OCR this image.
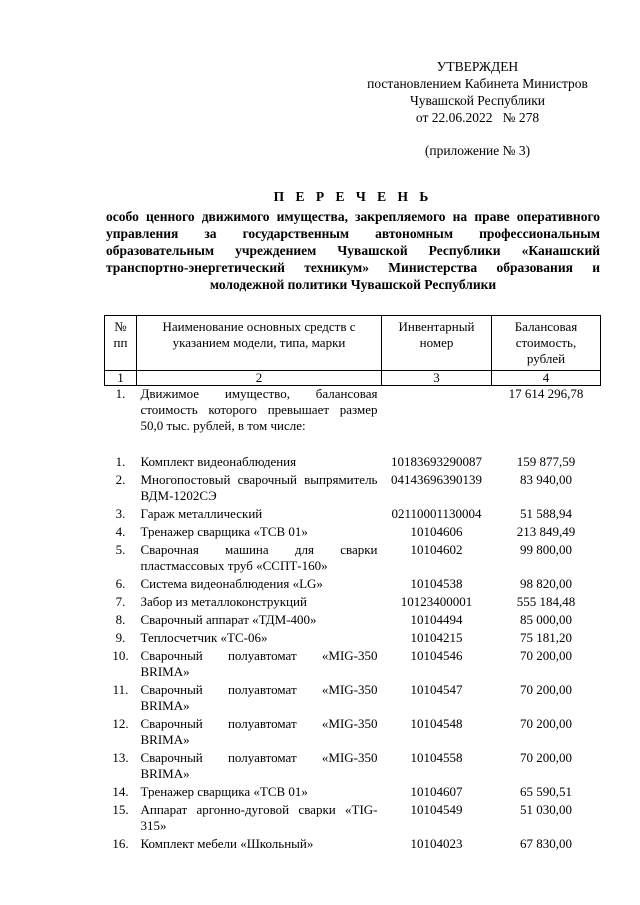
УТВЕРЖДЕН
постановлением Кабинета Министров
Чувашской Республики
от 22.06.2022   № 278
(приложение № 3)
П Е Р Е Ч Е Н Ь
особо ценного движимого имущества, закрепляемого на праве оперативного управления за государственным автономным профессиональным образовательным учреждением Чувашской Республики «Канашский транспортно-энергетический техникум» Министерства образования и молодежной политики Чувашской Республики
№ пп	Наименование основных средств с указанием модели, типа, марки	Инвентарный номер	Балансовая стоимость, рублей
1	2	3	4
1.	Движимое имущество, балансовая стоимость которого превышает размер 50,0 тыс. рублей, в том числе:		17 614 296,78

1.	Комплект видеонаблюдения	10183693290087	159 877,59
2.	Многопостовый сварочный выпрямитель ВДМ-1202СЭ	04143696390139	83 940,00
3.	Гараж металлический	02110001130004	51 588,94
4.	Тренажер сварщика «ТСВ 01»	10104606	213 849,49
5.	Сварочная машина для сварки пластмассовых труб «ССПТ-160»	10104602	99 800,00
6.	Система видеонаблюдения «LG»	10104538	98 820,00
7.	Забор из металлоконструкций	10123400001	555 184,48
8.	Сварочный аппарат «ТДМ-400»	10104494	85 000,00
9.	Теплосчетчик «ТС-06»	10104215	75 181,20
10.	Сварочный полуавтомат «MIG-350 BRIMA»	10104546	70 200,00
11.	Сварочный полуавтомат «MIG-350 BRIMA»	10104547	70 200,00
12.	Сварочный полуавтомат «MIG-350 BRIMA»	10104548	70 200,00
13.	Сварочный полуавтомат «MIG-350 BRIMA»	10104558	70 200,00
14.	Тренажер сварщика «ТСВ 01»	10104607	65 590,51
15.	Аппарат аргонно-дуговой сварки «TIG-315»	10104549	51 030,00
16.	Комплект мебели «Школьный»	10104023	67 830,00
